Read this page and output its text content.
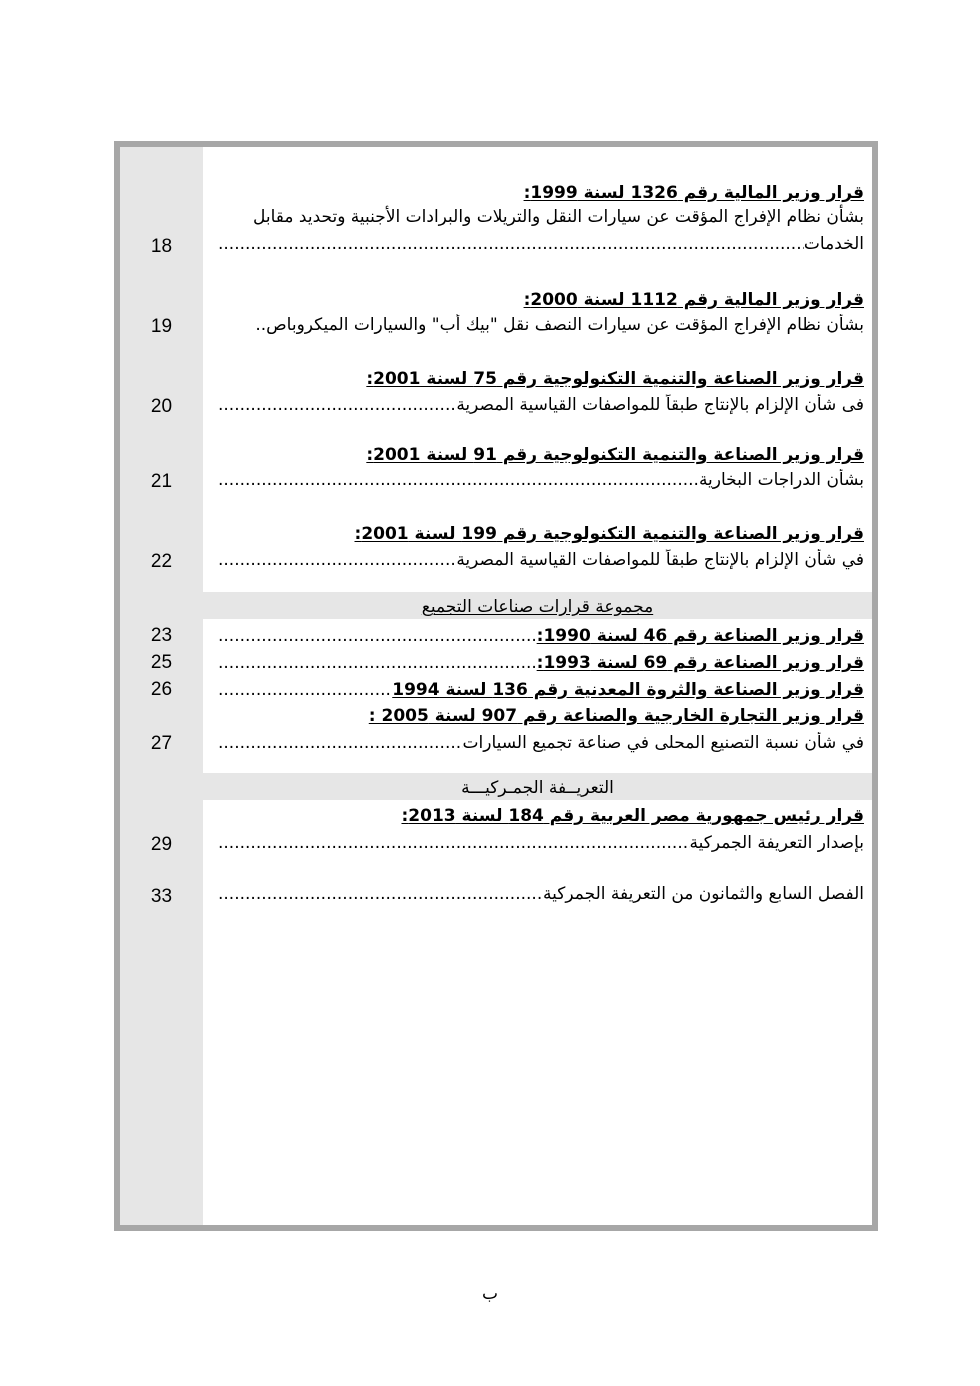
قرار وزير المالية رقم 1326 لسنة 1999:
بشأن نظام الإفراج المؤقت عن سيارات النقل والتريلات والبرادات الأجنبية وتحديد مقابل
الخدمات
.....
18
قرار وزير المالية رقم 1112 لسنة 2000:
بشأن نظام الإفراج المؤقت عن سيارات النصف نقل "بيك أب" والسيارات الميكروباص..
19
قرار وزير الصناعة والتنمية التكنولوجية رقم 75 لسنة 2001:
فى شأن الإلزام بالإنتاج طبقاً للمواصفات القياسية المصرية
.....
20
قرار وزير الصناعة والتنمية التكنولوجية رقم 91 لسنة 2001:
بشأن الدراجات البخارية
.....
21
قرار وزير الصناعة والتنمية التكنولوجية رقم 199 لسنة 2001:
في شأن الإلزام بالإنتاج طبقاً للمواصفات القياسية المصرية
.....
22
مجموعة قرارات صناعات التجميع
قرار وزير الصناعة رقم 46 لسنة 1990:
.....
23
قرار وزير الصناعة رقم 69 لسنة 1993:
.....
25
قرار وزير الصناعة والثروة المعدنية رقم 136 لسنة 1994
.....
26
قرار وزير التجارة الخارجية والصناعة رقم 907 لسنة 2005 :
في شأن نسبة التصنيع المحلى في صناعة تجميع السيارات
.....
27
التعريــفة الجمـركيـــة
قرار رئيس جمهورية مصر العربية رقم 184 لسنة 2013:
بإصدار التعريفة الجمركية
.....
29
الفصل السابع والثمانون من التعريفة الجمركية
.....
33
ب
